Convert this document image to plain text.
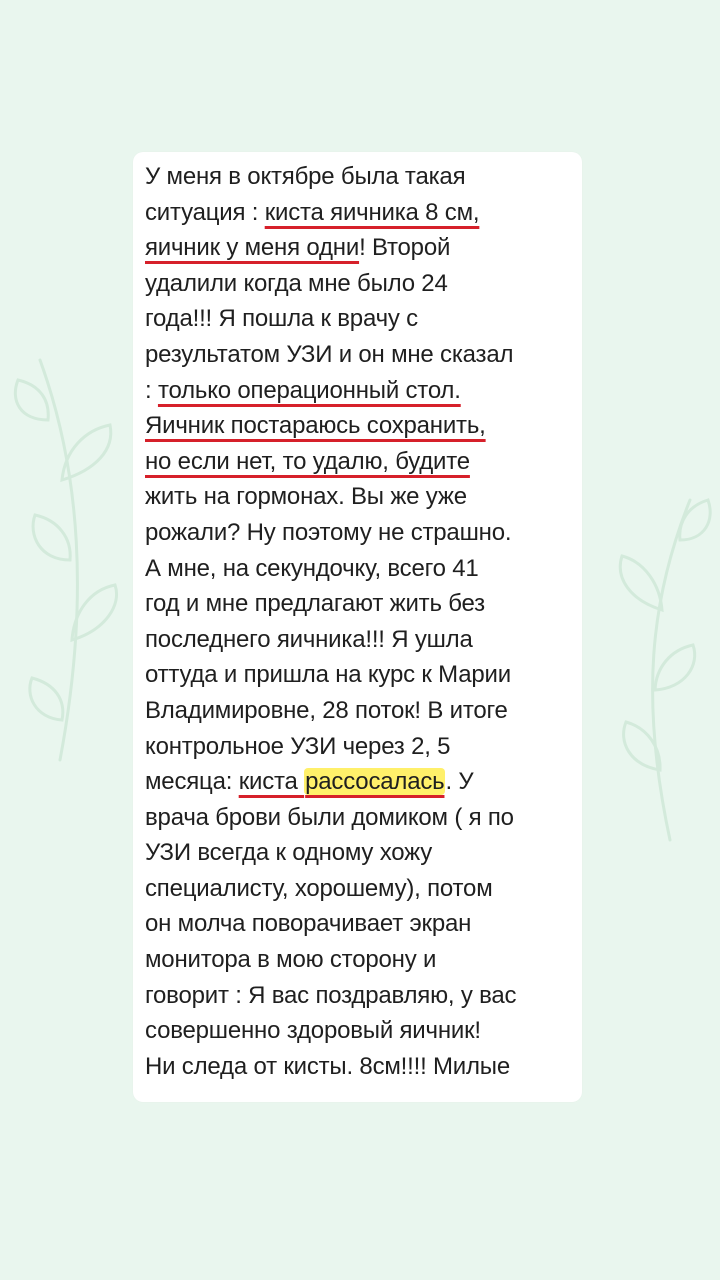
У меня в октябре была такая
ситуация : киста яичника 8 см,
яичник у меня одни! Второй
удалили когда мне было 24
года!!! Я пошла к врачу с
результатом УЗИ и он мне сказал
: только операционный стол.
Яичник постараюсь сохранить,
но если нет, то удалю, будите
жить на гормонах. Вы же уже
рожали? Ну поэтому не страшно.
А мне, на секундочку, всего 41
год и мне предлагают жить без
последнего яичника!!! Я ушла
оттуда и пришла на курс к Марии
Владимировне, 28 поток! В итоге
контрольное УЗИ через 2, 5
месяца: киста рассосалась. У
врача брови были домиком ( я по
УЗИ всегда к одному хожу
специалисту, хорошему), потом
он молча поворачивает экран
монитора в мою сторону и
говорит : Я вас поздравляю, у вас
совершенно здоровый яичник!
Ни следа от кисты. 8см!!!! Милые
